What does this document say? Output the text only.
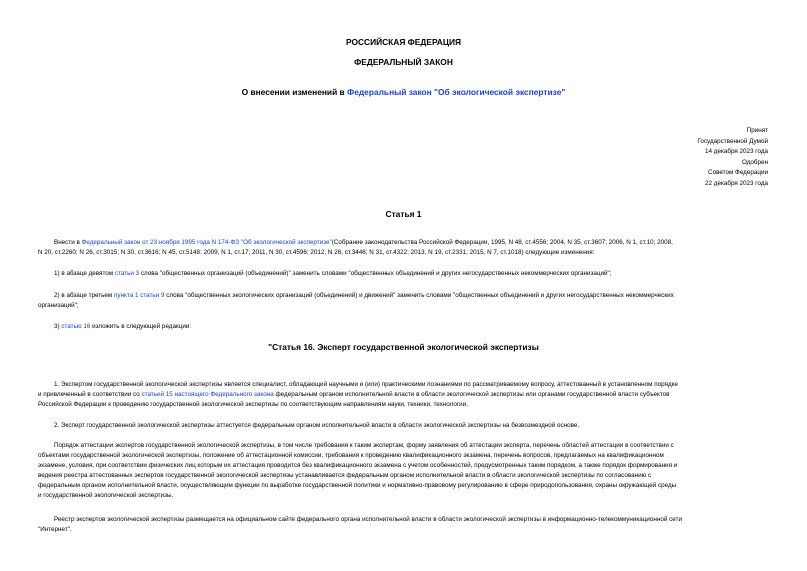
РОССИЙСКАЯ ФЕДЕРАЦИЯ
ФЕДЕРАЛЬНЫЙ ЗАКОН
О внесении изменений в Федеральный закон "Об экологической экспертизе"
Принят
Государственной Думой
14 декабря 2023 года
Одобрен
Советом Федерации
22 декабря 2023 года
Статья 1
Внести в Федеральный закон от 23 ноября 1995 года N 174-ФЗ "Об экологической экспертизе"(Собрание законодательства Российской Федерации, 1995, N 48, ст.4556; 2004, N 35, ст.3607; 2006, N 1, ст.10; 2008,
N 20, ст.2260; N 26, ст.3015; N 30, ст.3616; N 45, ст.5148; 2009, N 1, ст.17; 2011, N 30, ст.4596; 2012, N 26, ст.3446; N 31, ст.4322; 2013, N 19, ст.2331; 2015, N 7, ст.1018) следующие изменения:
1) в абзаце девятом статьи 3 слова "общественных организаций (объединений)" заменить словами "общественных объединений и других негосударственных некоммерческих организаций";
2) в абзаце третьем пункта 1 статьи 9 слова "общественных экологических организаций (объединений) и движений" заменить словами "общественных объединений и других негосударственных некоммерческих
организаций";
3) статью 16 изложить в следующей редакции:
"Статья 16. Эксперт государственной экологической экспертизы
1. Экспертом государственной экологической экспертизы является специалист, обладающий научными и (или) практическими познаниями по рассматриваемому вопросу, аттестованный в установленном порядке
и привлеченный в соответствии со статьей 15 настоящего Федерального закона федеральным органом исполнительной власти в области экологической экспертизы или органами государственной власти субъектов
Российской Федерации к проведению государственной экологической экспертизы по соответствующим направлениям науки, техники, технологии.
2. Эксперт государственной экологической экспертизы аттестуется федеральным органом исполнительной власти в области экологической экспертизы на безвозмездной основе.
Порядок аттестации экспертов государственной экологической экспертизы, в том числе требования к таким экспертам, форму заявления об аттестации эксперта, перечень областей аттестации в соответствии с
объектами государственной экологической экспертизы, положение об аттестационной комиссии, требования к проведению квалификационного экзамена, перечень вопросов, предлагаемых на квалификационном
экзамене, условия, при соответствии физических лиц которым их аттестация проводится без квалификационного экзамена с учетом особенностей, предусмотренных таким порядком, а также порядок формирования и
ведения реестра аттестованных экспертов государственной экологической экспертизы устанавливается федеральным органом исполнительной власти в области экологической экспертизы по согласованию с
федеральным органом исполнительной власти, осуществляющим функции по выработке государственной политики и нормативно-правовому регулированию в сфере природопользования, охраны окружающей среды
и государственной экологической экспертизы.
Реестр экспертов экологической экспертизы размещается на официальном сайте федерального органа исполнительной власти в области экологической экспертизы в информационно-телекоммуникационной сети
"Интернет".
